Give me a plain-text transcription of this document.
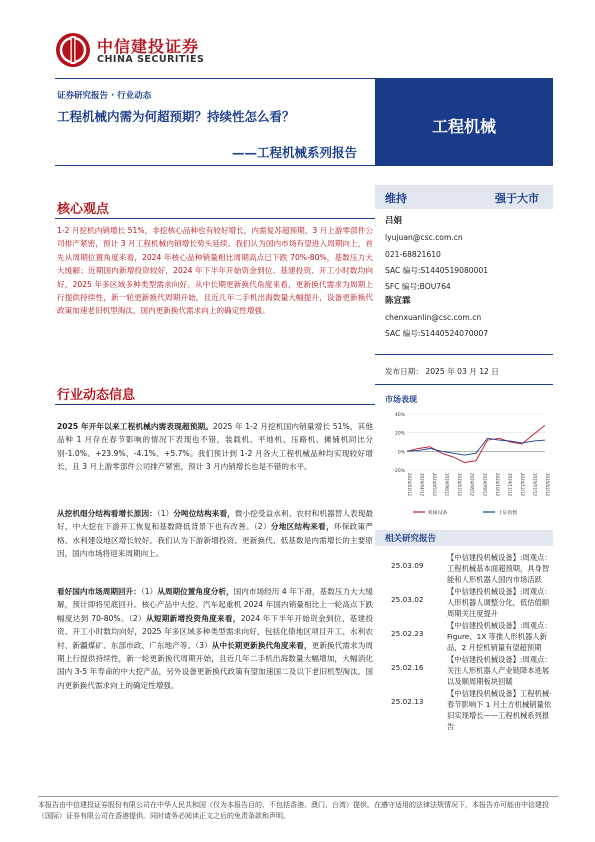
中信建投证券
CHINA SECURITIES
证券研究报告 · 行业动态
工程机械内需为何超预期？持续性怎么看？
——工程机械系列报告
工程机械
核心观点
1-2 月挖机内销增长 51%，非挖核心品种也有较好增长，内需复苏超预期，3 月上游零部件公司排产紧密，预计 3 月工程机械内销增长势头延续。我们认为国内市场有望进入周期向上，首先从周期位置角度来看，2024 年核心品种销量相比周期高点已下跌 70%-80%，基数压力大大缓解；近期国内新增投资较好，2024 年下半年开始资金到位、基建投资、开工小时数均向好，2025 年多区域多种类型需求向好。从中长期更新换代角度来看，更新换代需求为周期上行提供持续性，新一轮更新换代周期开始，且近几年二手机出海数量大幅提升，设备更新换代政策加速老旧机型淘汰，国内更新换代需求向上的确定性增强。
行业动态信息
2025 年开年以来工程机械内需表现超预期。2025 年 1-2 月挖机国内销量增长 51%，其他品种 1 月存在春节影响的情况下表现也不错，装载机、平地机、压路机、摊铺机同比分别-1.0%、+23.9%、-4.1%、+5.7%。我们预计到 1-2 月各大工程机械品种均实现较好增长，且 3 月上游零部件公司排产紧密，预计 3 月内销增长也是不错的水平。
从挖机细分结构看增长原因：（1）分吨位结构来看，微小挖受益水利、农村和机器替人表现最好，中大挖在下游开工恢复和基数降低背景下也有改善。（2）分地区结构来看，环保政策严格、水利建设地区增长较好。我们认为下游新增投资、更新换代、低基数是内需增长的主要原因，国内市场将迎来周期向上。
看好国内市场周期回升：（1）从周期位置角度分析，国内市场经历 4 年下滑，基数压力大大缓解，预计即将见底回升。核心产品中大挖、汽车起重机 2024 年国内销量相比上一轮高点下跌幅度达到 70-80%。（2）从短期新增投资角度来看，2024 年下半年开始资金到位、基建投资、开工小时数均向好，2025 年多区域多种类型需求向好，包括化债地区项目开工、水利农村、新疆煤矿、东部市政、广东地产等。（3）从中长期更新换代角度来看，更新换代需求为周期上行提供持续性，新一轮更新换代周期开始，且近几年二手机出海数量大幅增加，大幅消化国内 3-5 年寿命的中大挖产品，另外设备更新换代政策有望加速国二及以下老旧机型淘汰，国内更新换代需求向上的确定性增强。
维持	强于大市
吕娟
lyujuan@csc.com.cn
021-68821610
SAC 编号:S1440519080001
SFC 编号:BOU764
陈宣霖
chenxuanlin@csc.com.cn
SAC 编号:S1440524070007
发布日期： 2025 年 03 月 12 日
市场表现
40%
20%
0%
-20%
2024/03/12 2024/04/12 2024/05/12 2024/06/12 2024/07/12 2024/08/12 2024/09/12 2024/10/12 2024/11/12 2024/12/12 2025/01/12 2025/02/12
机械设备	上证指数
相关研究报告
25.03.09
【中信建投机械设备】:周观点：工程机械基本面超预期，具身智能和人形机器人国内市场活跃
25.03.02
【中信建投机械设备】:周观点：人形机器人调整分化，低估值顺周期关注度提升
25.02.23
【中信建投机械设备】:周观点：Figure、1X 等推人形机器人新品，2 月挖机销量有望超预期
25.02.16
【中信建投机械设备】:周观点：关注人形机器人产业链降本进展以及顺周期板块回暖
25.02.13
【中信建投机械设备】工程机械·春节影响下 1 月土方机械销量依旧实现增长——工程机械系列报告
本报告由中信建投证券股份有限公司在中华人民共和国（仅为本报告目的，不包括香港、澳门、台湾）提供。在遵守适用的法律法规情况下，本报告亦可能由中信建投（国际）证券有限公司在香港提供。同时请务必阅读正文之后的免责条款和声明。
